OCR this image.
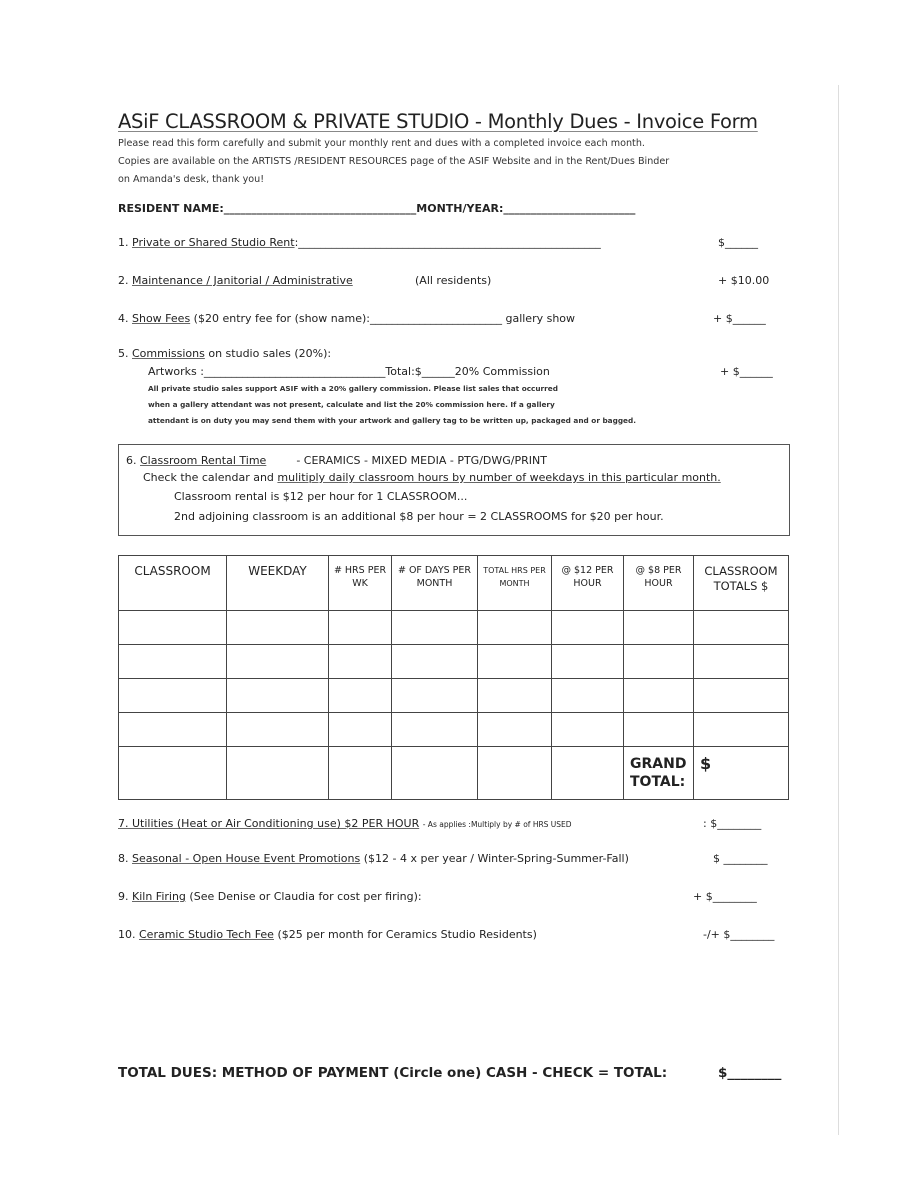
ASiF CLASSROOM & PRIVATE STUDIO - Monthly Dues - Invoice Form
Please read this form carefully and submit your monthly rent and dues with a completed invoice each month.
Copies are available on the ARTISTS /RESIDENT RESOURCES page of the ASIF Website and in the Rent/Dues Binder
on Amanda's desk, thank you!
RESIDENT NAME:___________________________________MONTH/YEAR:________________________
1. Private or Shared Studio Rent:_______________________________________________________	$______
2. Maintenance / Janitorial / Administrative	(All residents)	+ $10.00
4. Show Fees ($20 entry fee for (show name):________________________ gallery show	+ $______
5. Commissions on studio sales (20%):
Artworks :_________________________________Total:$______20% Commission	+ $______
All private studio sales support ASIF with a 20% gallery commission. Please list sales that occurred
when a gallery attendant was not present, calculate and list the 20% commission here. If a gallery
attendant is on duty you may send them with your artwork and gallery tag to be written up, packaged and or bagged.
6. Classroom Rental Time	- CERAMICS - MIXED MEDIA - PTG/DWG/PRINT
Check the calendar and mulitiply daily classroom hours by number of weekdays in this particular month.
Classroom rental is $12 per hour for 1 CLASSROOM...
2nd adjoining classroom is an additional $8 per hour = 2 CLASSROOMS for $20 per hour.
CLASSROOM	WEEKDAY	# HRS PER WK	# OF DAYS PER MONTH	TOTAL HRS PER MONTH	@ $12 PER HOUR	@ $8 PER HOUR	CLASSROOM TOTALS $

						GRAND TOTAL:	$
7. Utilities (Heat or Air Conditioning use) $2 PER HOUR - As applies :Multiply by # of HRS USED	: $________
8. Seasonal - Open House Event Promotions ($12 - 4 x per year / Winter-Spring-Summer-Fall)	$ ________
9. Kiln Firing (See Denise or Claudia for cost per firing):	+ $________
10. Ceramic Studio Tech Fee ($25 per month for Ceramics Studio Residents)	-/+ $________
TOTAL DUES: METHOD OF PAYMENT (Circle one) CASH - CHECK = TOTAL:	$________
